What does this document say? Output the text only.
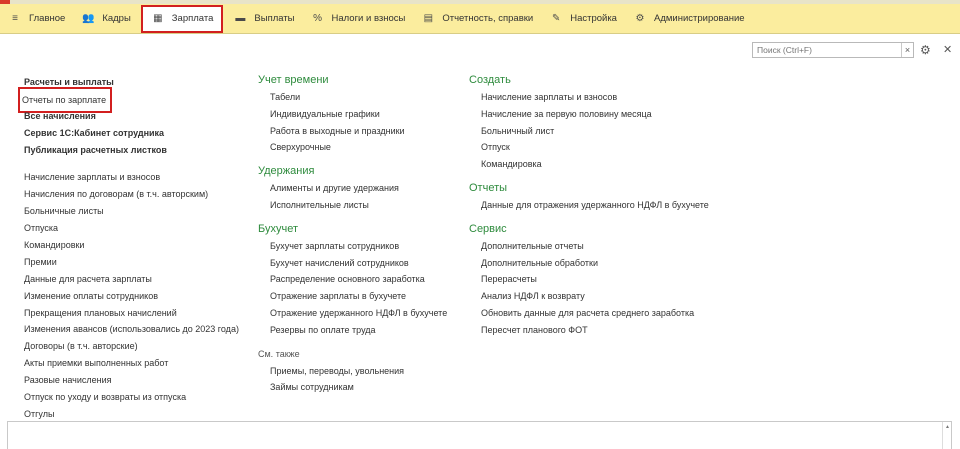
≡	Главное 👥 Кадры ▦ Зарплата ▬ Выплаты % Налоги и взносы ▤ Отчетность, справки ✎ Настройка ⚙ Администрирование
Поиск (Ctrl+F)
× ⚙ ✕
Расчеты и выплаты
Отчеты по зарплате
Все начисления
Сервис 1С:Кабинет сотрудника
Публикация расчетных листков
Начисление зарплаты и взносов
Начисления по договорам (в т.ч. авторским)
Больничные листы
Отпуска
Командировки
Премии
Данные для расчета зарплаты
Изменение оплаты сотрудников
Прекращения плановых начислений
Изменения авансов (использовались до 2023 года)
Договоры (в т.ч. авторские)
Акты приемки выполненных работ
Разовые начисления
Отпуск по уходу и возвраты из отпуска
Отгулы
Учет времени
Табели
Индивидуальные графики
Работа в выходные и праздники
Сверхурочные
Удержания
Алименты и другие удержания
Исполнительные листы
Бухучет
Бухучет зарплаты сотрудников
Бухучет начислений сотрудников
Распределение основного заработка
Отражение зарплаты в бухучете
Отражение удержанного НДФЛ в бухучете
Резервы по оплате труда
См. также
Приемы, переводы, увольнения
Займы сотрудникам
Создать
Начисление зарплаты и взносов
Начисление за первую половину месяца
Больничный лист
Отпуск
Командировка
Отчеты
Данные для отражения удержанного НДФЛ в бухучете
Сервис
Дополнительные отчеты
Дополнительные обработки
Перерасчеты
Анализ НДФЛ к возврату
Обновить данные для расчета среднего заработка
Пересчет планового ФОТ
▲
